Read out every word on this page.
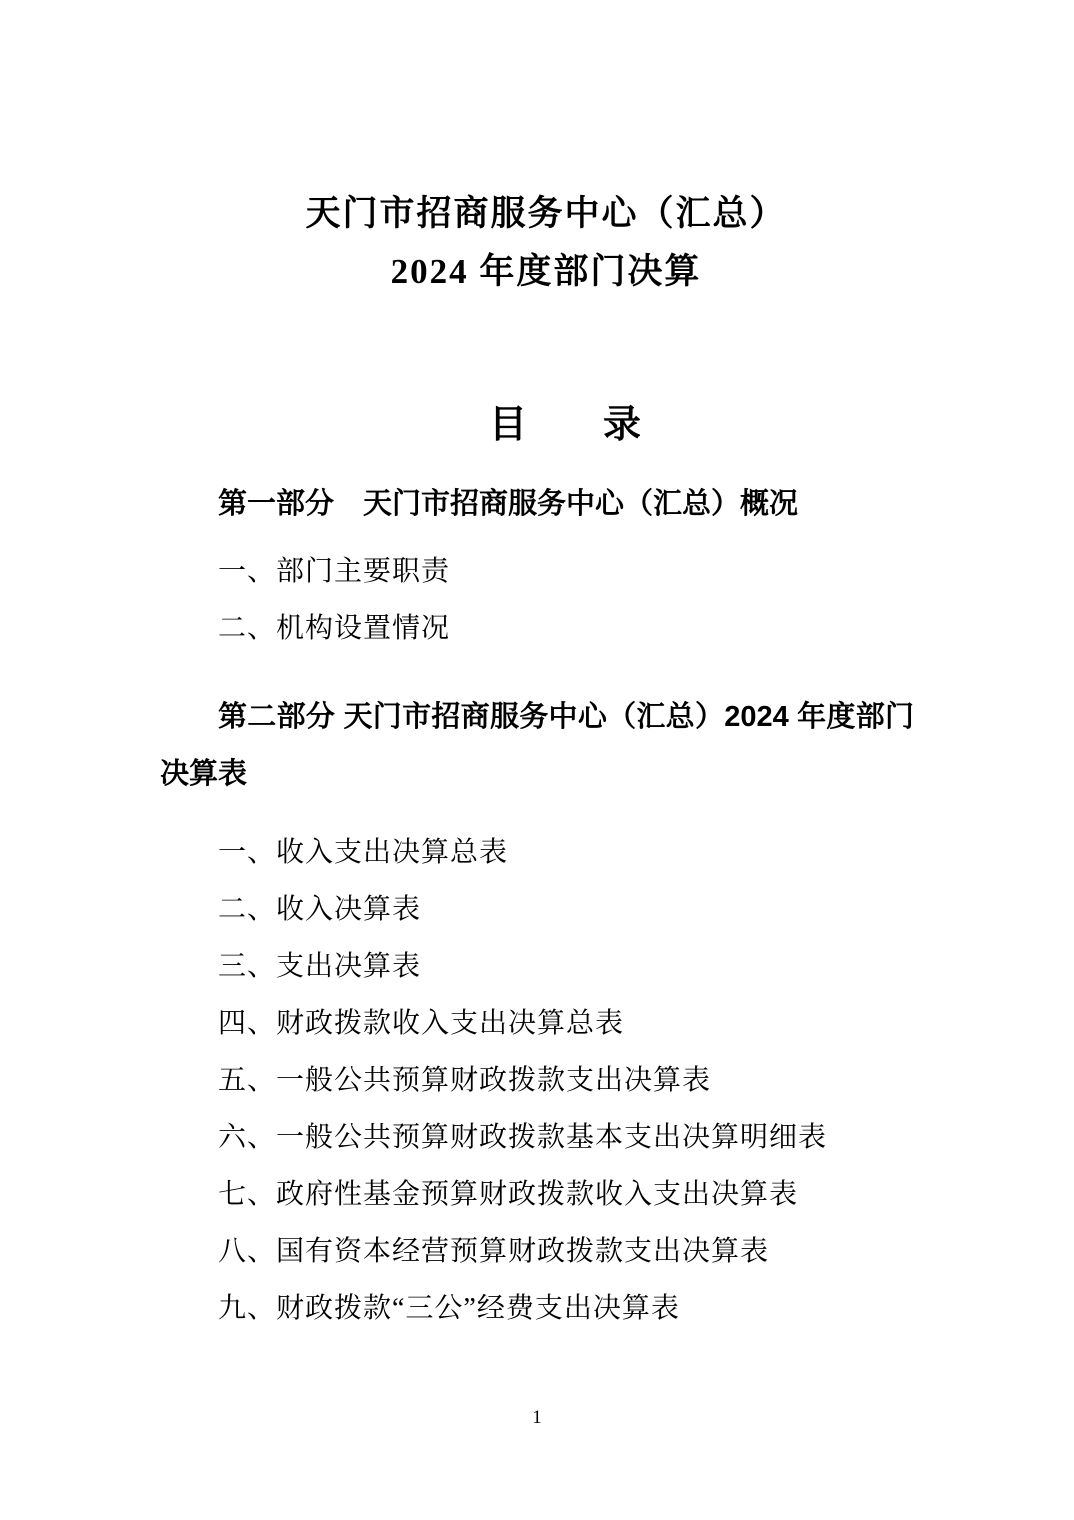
天门市招商服务中心（汇总）
2024 年度部门决算
目　　录
第一部分　天门市招商服务中心（汇总）概况
一、部门主要职责
二、机构设置情况
第二部分 天门市招商服务中心（汇总）2024 年度部门
决算表
一、收入支出决算总表
二、收入决算表
三、支出决算表
四、财政拨款收入支出决算总表
五、一般公共预算财政拨款支出决算表
六、一般公共预算财政拨款基本支出决算明细表
七、政府性基金预算财政拨款收入支出决算表
八、国有资本经营预算财政拨款支出决算表
九、财政拨款“三公”经费支出决算表
1
